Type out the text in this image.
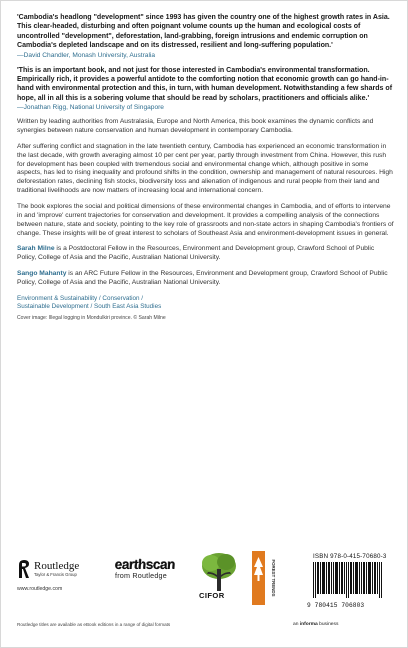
'Cambodia's headlong "development" since 1993 has given the country one of the highest growth rates in Asia. This clear-headed, disturbing and often poignant volume counts up the human and ecological costs of uncontrolled "development", deforestation, land-grabbing, foreign intrusions and endemic corruption on Cambodia's depleted landscape and on its distressed, resilient and long-suffering population.'

—David Chandler, Monash University, Australia

'This is an important book, and not just for those interested in Cambodia's environmental transformation. Empirically rich, it provides a powerful antidote to the comforting notion that economic growth can go hand-in-hand with environmental protection and this, in turn, with human development. Notwithstanding a few shards of hope, all in all this is a sobering volume that should be read by scholars, practitioners and officials alike.'

—Jonathan Rigg, National University of Singapore

Written by leading authorities from Australasia, Europe and North America, this book examines the dynamic conflicts and synergies between nature conservation and human development in contemporary Cambodia.

After suffering conflict and stagnation in the late twentieth century, Cambodia has experienced an economic transformation in the last decade, with growth averaging almost 10 per cent per year, partly through investment from China. However, this rush for development has been coupled with tremendous social and environmental change which, although positive in some aspects, has led to rising inequality and profound shifts in the condition, ownership and management of natural resources. High deforestation rates, declining fish stocks, biodiversity loss and alienation of indigenous and rural people from their land and traditional livelihoods are now matters of increasing local and international concern.

The book explores the social and political dimensions of these environmental changes in Cambodia, and of efforts to intervene in and 'improve' current trajectories for conservation and development. It provides a compelling analysis of the connections between nature, state and society, pointing to the key role of grassroots and non-state actors in shaping Cambodia's frontiers of change. These insights will be of great interest to scholars of Southeast Asia and environment-development issues in general.

Sarah Milne is a Postdoctoral Fellow in the Resources, Environment and Development group, Crawford School of Public Policy, College of Asia and the Pacific, Australian National University.

Sango Mahanty is an ARC Future Fellow in the Resources, Environment and Development group, Crawford School of Public Policy, College of Asia and the Pacific, Australian National University.

Environment & Sustainability / Conservation /
Sustainable Development / South East Asia Studies
Cover image: Illegal logging in Mondulkiri province. © Sarah Milne
Routledge
Taylor & Francis Group
www.routledge.com
earthscan
from Routledge
CIFOR	FOREST TRENDS
ISBN 978-0-415-70680-3
9 780415 706803
Routledge titles are available as eBook editions in a range of digital formats	an informa business
